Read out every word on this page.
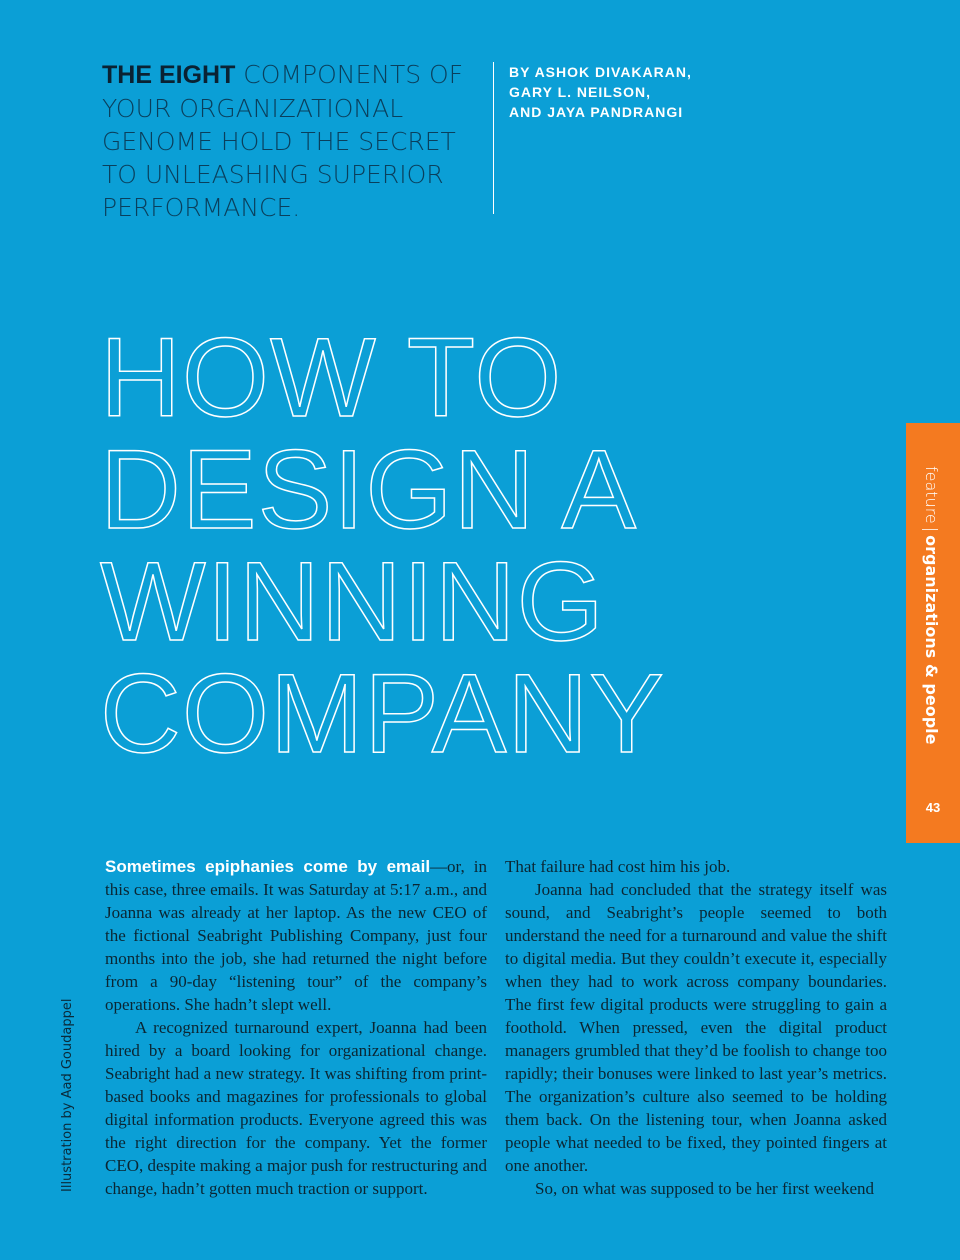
THE EIGHT COMPONENTS OF YOUR ORGANIZATIONAL GENOME HOLD THE SECRET TO UNLEASHING SUPERIOR PERFORMANCE.
BY ASHOK DIVAKARAN,
GARY L. NEILSON,
AND JAYA PANDRANGI
HOW TO
DESIGN A
WINNING
COMPANY
feature|organizations & people
43
Illustration by Aad Goudappel

Sometimes epiphanies come by email—or, in this case, three emails. It was Saturday at 5:17 a.m., and Joanna was already at her laptop. As the new CEO of the fictional Seabright Publishing Company, just four months into the job, she had returned the night before from a 90-day “listening tour” of the company’s operations. She hadn’t slept well.

A recognized turnaround expert, Joanna had been hired by a board looking for organizational change. Seabright had a new strategy. It was shifting from print-based books and magazines for professionals to global digital information products. Everyone agreed this was the right direction for the company. Yet the former CEO, despite making a major push for restructuring and change, hadn’t gotten much traction or support.

That failure had cost him his job.

Joanna had concluded that the strategy itself was sound, and Seabright’s people seemed to both understand the need for a turnaround and value the shift to digital media. But they couldn’t execute it, especially when they had to work across company boundaries. The first few digital products were struggling to gain a foothold. When pressed, even the digital product managers grumbled that they’d be foolish to change too rapidly; their bonuses were linked to last year’s metrics. The organization’s culture also seemed to be holding them back. On the listening tour, when Joanna asked people what needed to be fixed, they pointed fingers at one another.

So, on what was supposed to be her first weekend
